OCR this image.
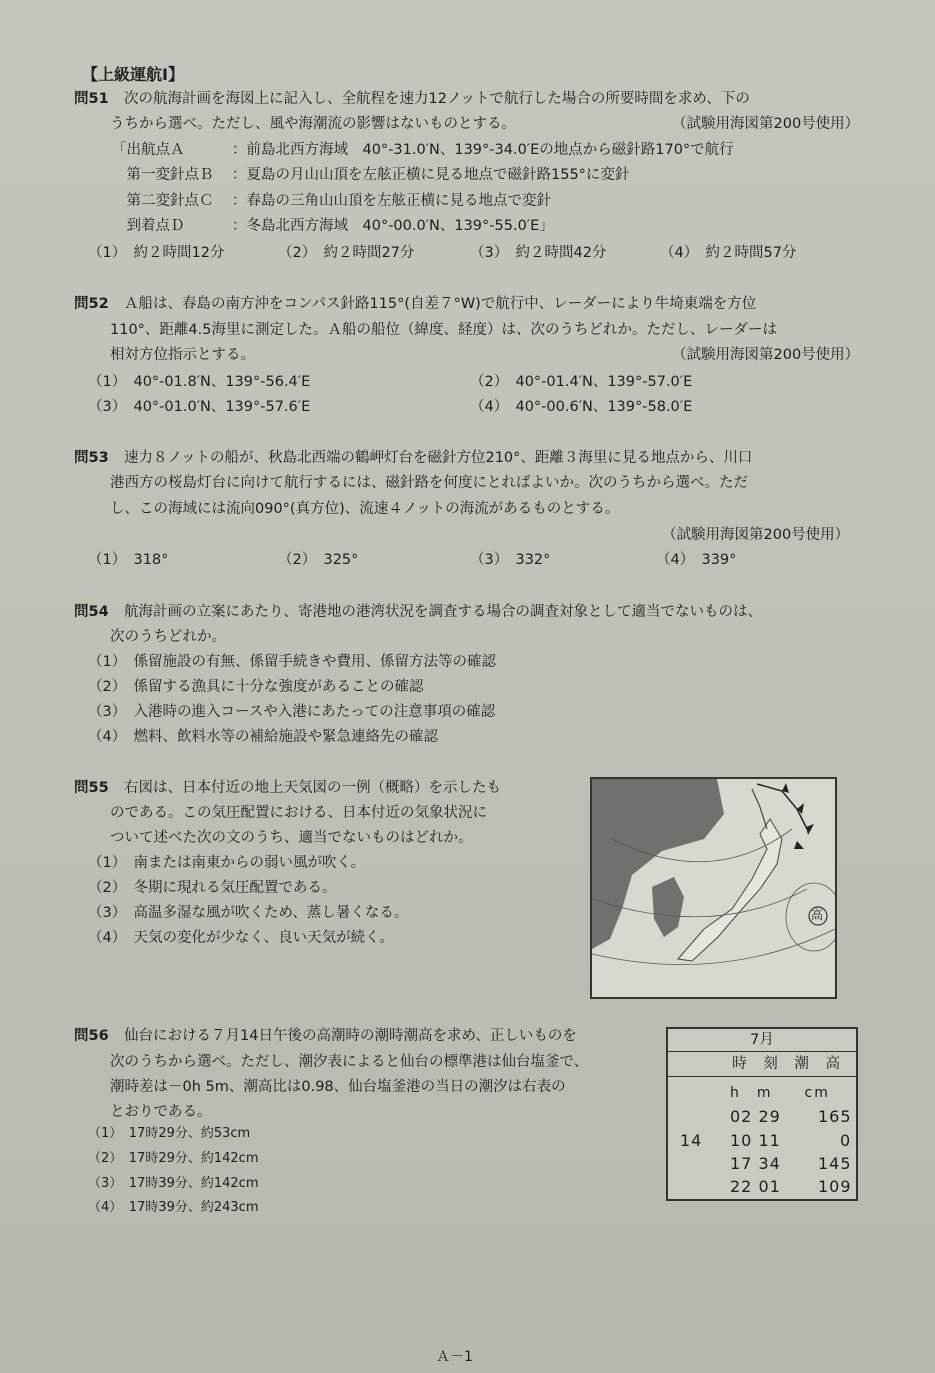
【上級運航Ⅰ】
問51 次の航海計画を海図上に記入し、全航程を速力12ノットで航行した場合の所要時間を求め、下の
うちから選べ。ただし、風や海潮流の影響はないものとする。	（試験用海図第200号使用）
「出航点Ａ	：前島北西方海域　40°-31.0′N、139°-34.0′Eの地点から磁針路170°で航行
　第一変針点Ｂ ：夏島の月山山頂を左舷正横に見る地点で磁針路155°に変針
　第二変針点Ｃ ：春島の三角山山頂を左舷正横に見る地点で変針
　到着点Ｄ	：冬島北西方海域　40°-00.0′N、139°-55.0′E」
（1）　約２時間12分	（2）　約２時間27分	（3）　約２時間42分	（4）　約２時間57分
問52 Ａ船は、春島の南方沖をコンパス針路115°(自差７°W)で航行中、レーダーにより牛埼東端を方位
110°、距離4.5海里に測定した。Ａ船の船位（緯度、経度）は、次のうちどれか。ただし、レーダーは
相対方位指示とする。	（試験用海図第200号使用）
（1）　40°-01.8′N、139°-56.4′E	（2）　40°-01.4′N、139°-57.0′E
（3）　40°-01.0′N、139°-57.6′E	（4）　40°-00.6′N、139°-58.0′E
問53 速力８ノットの船が、秋島北西端の鶴岬灯台を磁針方位210°、距離３海里に見る地点から、川口
港西方の桜島灯台に向けて航行するには、磁針路を何度にとればよいか。次のうちから選べ。ただ
し、この海域には流向090°(真方位)、流速４ノットの海流があるものとする。
（試験用海図第200号使用）
（1）　318°	（2）　325°	（3）　332°	（4）　339°
問54 航海計画の立案にあたり、寄港地の港湾状況を調査する場合の調査対象として適当でないものは、
次のうちどれか。
（1）　係留施設の有無、係留手続きや費用、係留方法等の確認
（2）　係留する漁具に十分な強度があることの確認
（3）　入港時の進入コースや入港にあたっての注意事項の確認
（4）　燃料、飲料水等の補給施設や緊急連絡先の確認
問55 右図は、日本付近の地上天気図の一例（概略）を示したも
のである。この気圧配置における、日本付近の気象状況に
ついて述べた次の文のうち、適当でないものはどれか。
（1）　南または南東からの弱い風が吹く。
（2）　冬期に現れる気圧配置である。
（3）　高温多湿な風が吹くため、蒸し暑くなる。
（4）　天気の変化が少なく、良い天気が続く。
高
問56 仙台における７月14日午後の高潮時の潮時潮高を求め、正しいものを
次のうちから選べ。ただし、潮汐表によると仙台の標準港は仙台塩釜で、
潮時差は－0h 5m、潮高比は0.98、仙台塩釜港の当日の潮汐は右表の
とおりである。
（1）　17時29分、約53cm
（2）　17時29分、約142cm
（3）　17時39分、約142cm
（4）　17時39分、約243cm
7月
時 刻 潮 高
h　m　　cm
14
02 29 165
10 11	0
17 34 145
22 01 109
Ａ－1
